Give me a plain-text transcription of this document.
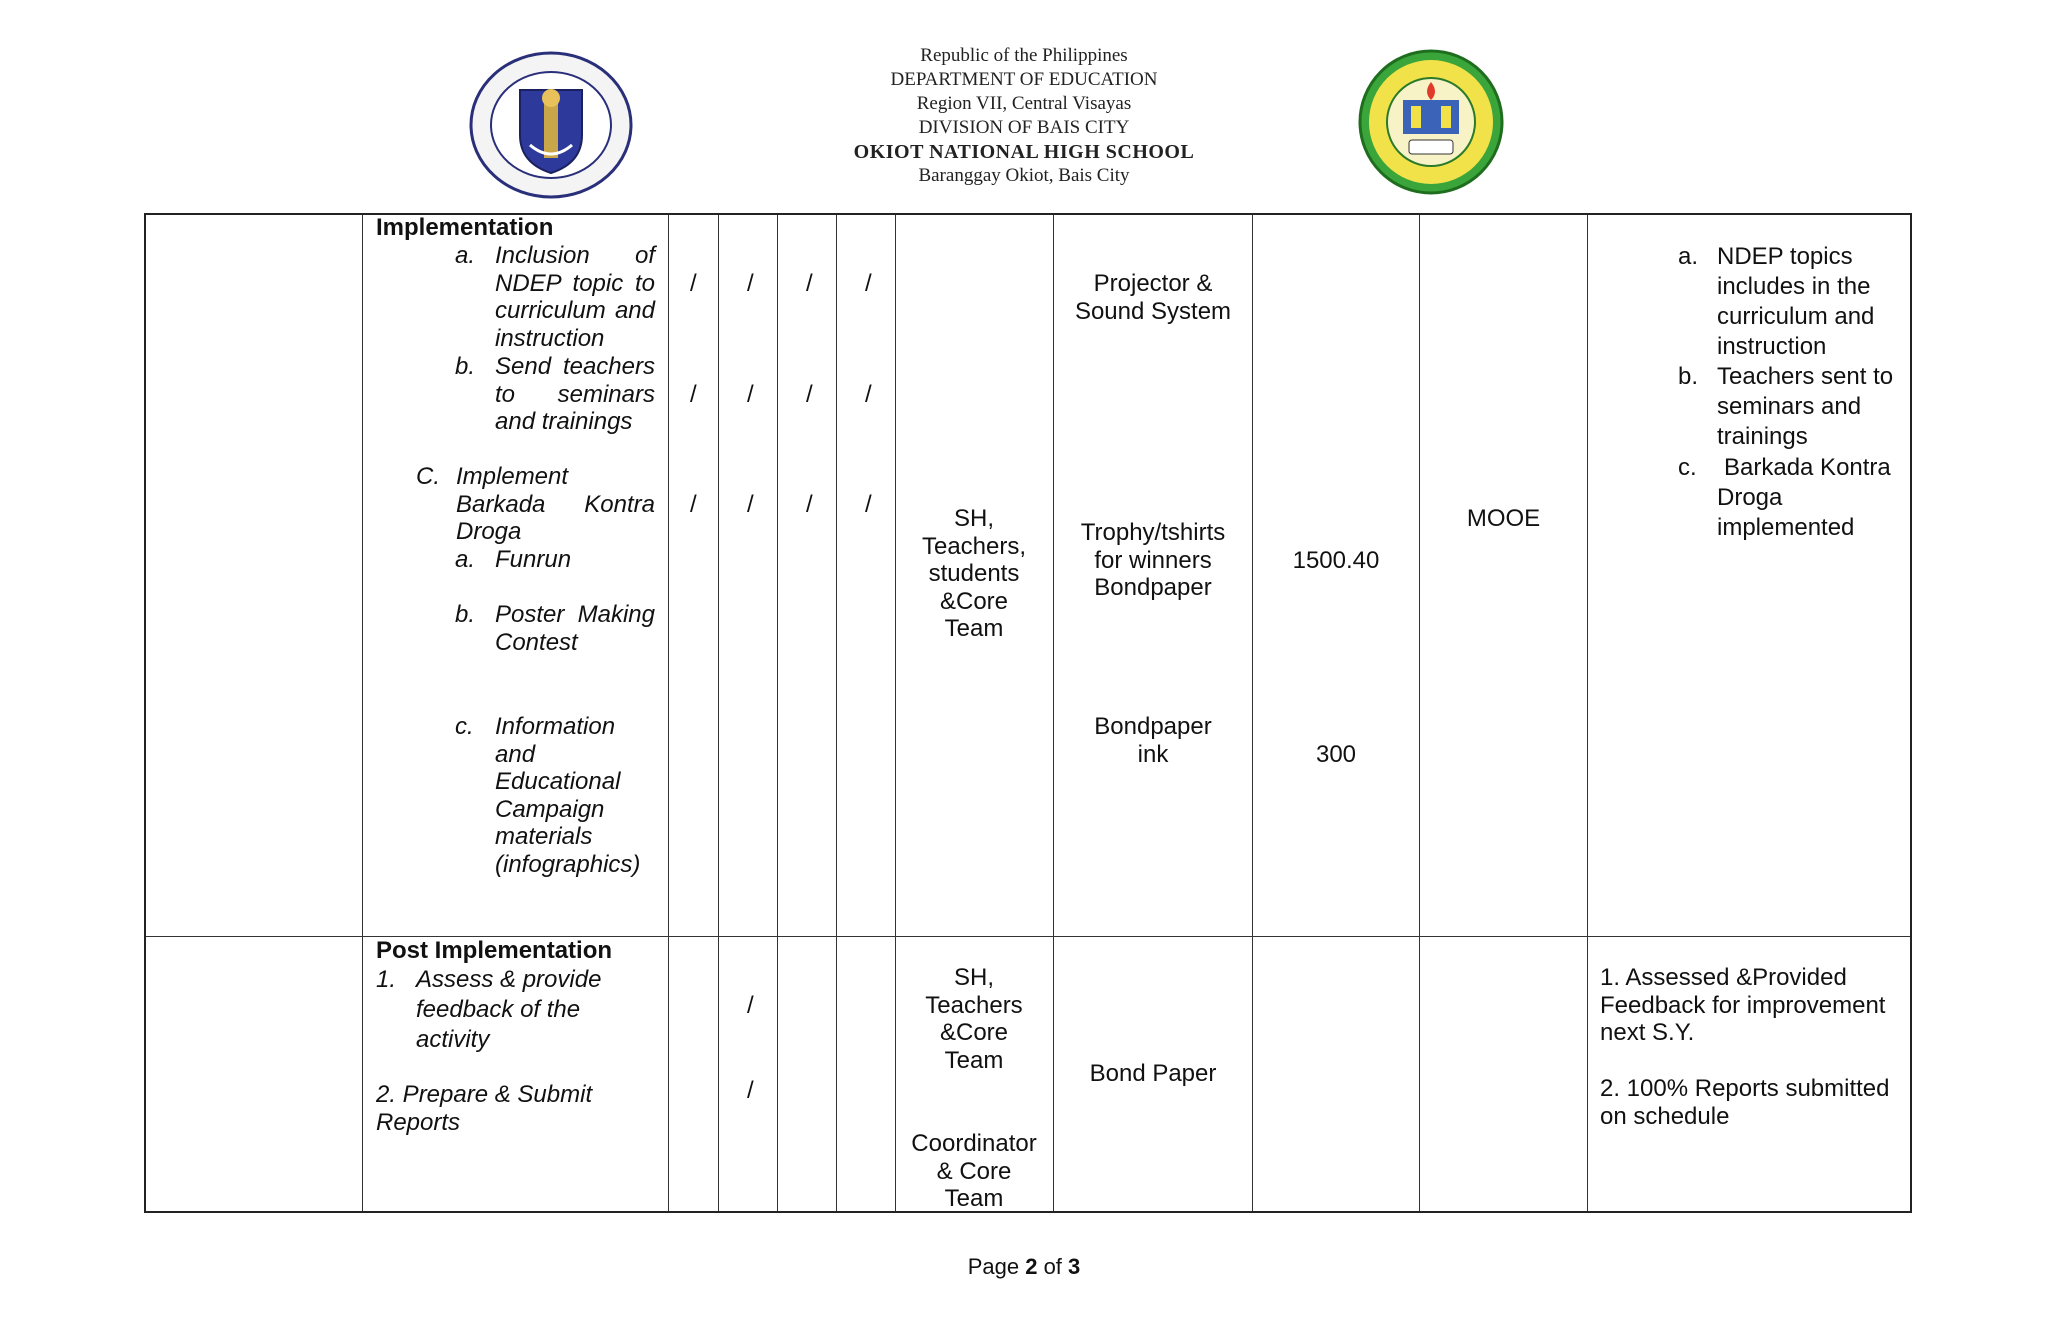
Republic of the Philippines
DEPARTMENT OF EDUCATION
Region VII, Central Visayas
DIVISION OF BAIS CITY
OKIOT NATIONAL HIGH SCHOOL
Baranggay Okiot, Bais City
Implementation
a. Inclusion of
NDEP topic to
curriculum and
instruction
b. Send teachers
to seminars
and trainings
C. Implement
Barkada Kontra
Droga
a. Funrun
b. Poster Making
Contest
c. Information
and
Educational
Campaign
materials
(infographics)
/ / / /
/ / / /
/ / / /
SH,
Teachers,
students
&Core
Team
Projector &
Sound System
Trophy/tshirts
for winners
Bondpaper
Bondpaper
ink
1500.40
300
MOOE
a. NDEP topics
includes in the
curriculum and
instruction
b. Teachers sent to
seminars and
trainings
c. Barkada Kontra
Droga
implemented
Post Implementation
1. Assess & provide
feedback of the
activity
2. Prepare & Submit
Reports
/
/
SH,
Teachers
&Core
Team
Coordinator
& Core
Team
Bond Paper
1. Assessed &Provided
Feedback for improvement
next S.Y.
2. 100% Reports submitted
on schedule
Page 2 of 3
